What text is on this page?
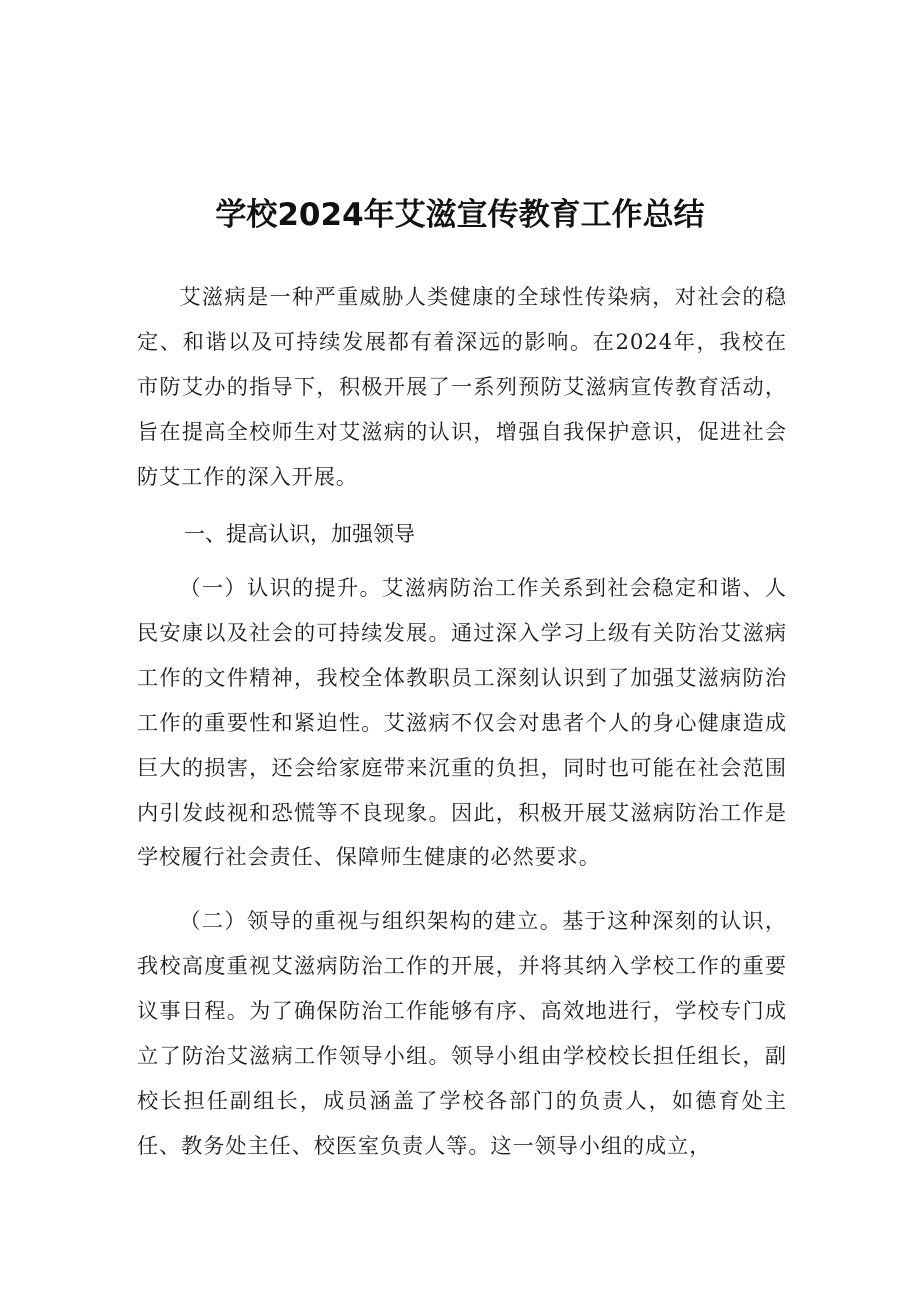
学校2024年艾滋宣传教育工作总结

艾滋病是一种严重威胁人类健康的全球性传染病，对社会的稳定、和谐以及可持续发展都有着深远的影响。在2024年，我校在市防艾办的指导下，积极开展了一系列预防艾滋病宣传教育活动，旨在提高全校师生对艾滋病的认识，增强自我保护意识，促进社会防艾工作的深入开展。

一、提高认识，加强领导

（一）认识的提升。艾滋病防治工作关系到社会稳定和谐、人民安康以及社会的可持续发展。通过深入学习上级有关防治艾滋病工作的文件精神，我校全体教职员工深刻认识到了加强艾滋病防治工作的重要性和紧迫性。艾滋病不仅会对患者个人的身心健康造成巨大的损害，还会给家庭带来沉重的负担，同时也可能在社会范围内引发歧视和恐慌等不良现象。因此，积极开展艾滋病防治工作是学校履行社会责任、保障师生健康的必然要求。

（二）领导的重视与组织架构的建立。基于这种深刻的认识，我校高度重视艾滋病防治工作的开展，并将其纳入学校工作的重要议事日程。为了确保防治工作能够有序、高效地进行，学校专门成立了防治艾滋病工作领导小组。领导小组由学校校长担任组长，副校长担任副组长，成员涵盖了学校各部门的负责人，如德育处主任、教务处主任、校医室负责人等。这一领导小组的成立，
